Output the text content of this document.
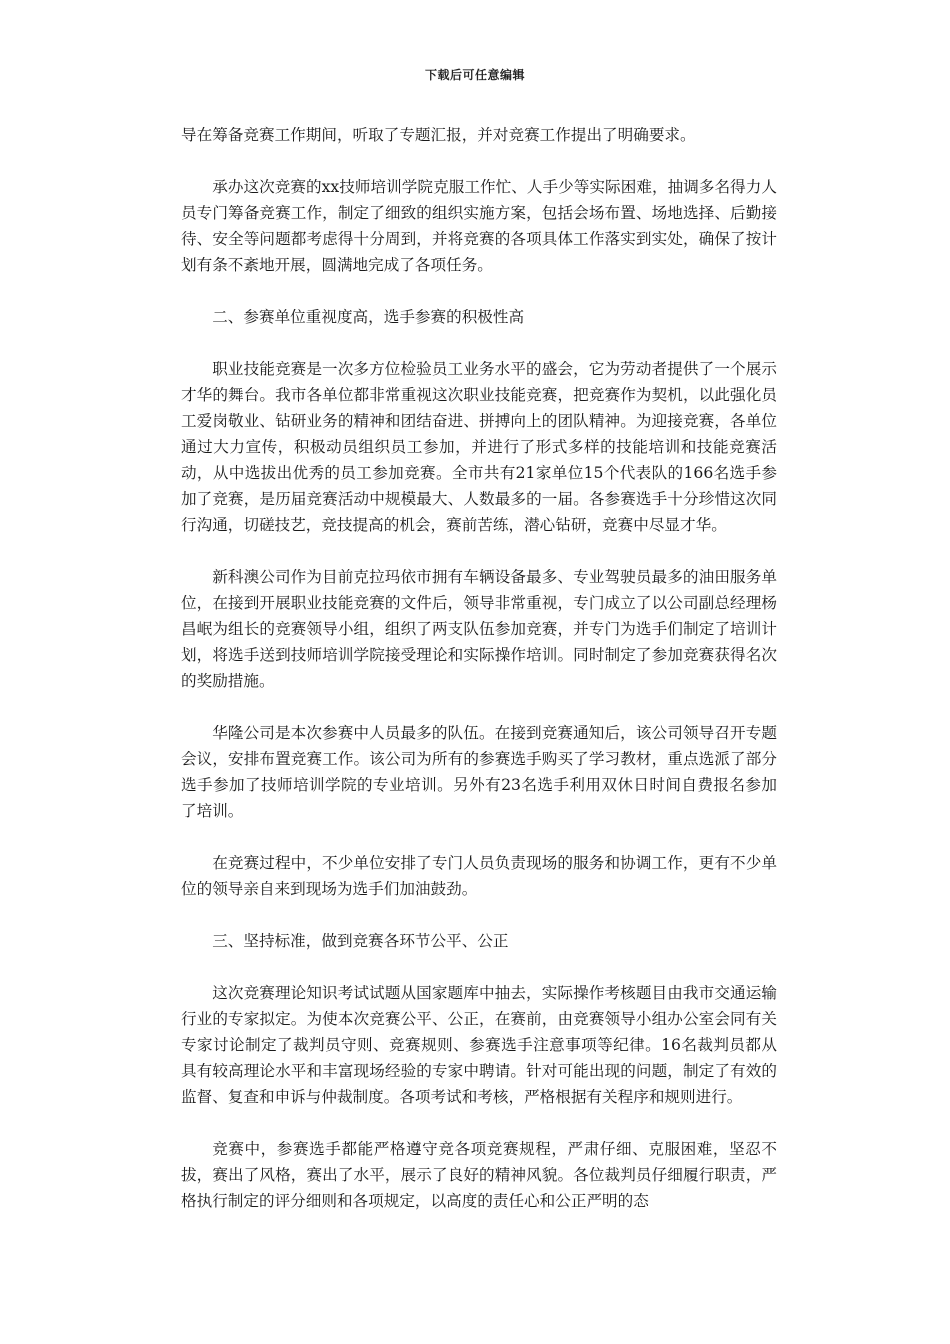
下载后可任意编辑

导在筹备竞赛工作期间，听取了专题汇报，并对竞赛工作提出了明确要求。

承办这次竞赛的xx技师培训学院克服工作忙、人手少等实际困难，抽调多名得力人员专门筹备竞赛工作，制定了细致的组织实施方案，包括会场布置、场地选择、后勤接待、安全等问题都考虑得十分周到，并将竞赛的各项具体工作落实到实处，确保了按计划有条不紊地开展，圆满地完成了各项任务。

二、参赛单位重视度高，选手参赛的积极性高

职业技能竞赛是一次多方位检验员工业务水平的盛会，它为劳动者提供了一个展示才华的舞台。我市各单位都非常重视这次职业技能竞赛，把竞赛作为契机，以此强化员工爱岗敬业、钻研业务的精神和团结奋进、拼搏向上的团队精神。为迎接竞赛，各单位通过大力宣传，积极动员组织员工参加，并进行了形式多样的技能培训和技能竞赛活动，从中选拔出优秀的员工参加竞赛。全市共有21家单位15个代表队的166名选手参加了竞赛，是历届竞赛活动中规模最大、人数最多的一届。各参赛选手十分珍惜这次同行沟通，切磋技艺，竞技提高的机会，赛前苦练，潜心钻研，竞赛中尽显才华。

新科澳公司作为目前克拉玛依市拥有车辆设备最多、专业驾驶员最多的油田服务单位，在接到开展职业技能竞赛的文件后，领导非常重视，专门成立了以公司副总经理杨昌岷为组长的竞赛领导小组，组织了两支队伍参加竞赛，并专门为选手们制定了培训计划，将选手送到技师培训学院接受理论和实际操作培训。同时制定了参加竞赛获得名次的奖励措施。

华隆公司是本次参赛中人员最多的队伍。在接到竞赛通知后，该公司领导召开专题会议，安排布置竞赛工作。该公司为所有的参赛选手购买了学习教材，重点选派了部分选手参加了技师培训学院的专业培训。另外有23名选手利用双休日时间自费报名参加了培训。

在竞赛过程中，不少单位安排了专门人员负责现场的服务和协调工作，更有不少单位的领导亲自来到现场为选手们加油鼓劲。

三、坚持标准，做到竞赛各环节公平、公正

这次竞赛理论知识考试试题从国家题库中抽去，实际操作考核题目由我市交通运输行业的专家拟定。为使本次竞赛公平、公正，在赛前，由竞赛领导小组办公室会同有关专家讨论制定了裁判员守则、竞赛规则、参赛选手注意事项等纪律。16名裁判员都从具有较高理论水平和丰富现场经验的专家中聘请。针对可能出现的问题，制定了有效的监督、复查和申诉与仲裁制度。各项考试和考核，严格根据有关程序和规则进行。

竞赛中，参赛选手都能严格遵守竞各项竞赛规程，严肃仔细、克服困难，坚忍不拔，赛出了风格，赛出了水平，展示了良好的精神风貌。各位裁判员仔细履行职责，严格执行制定的评分细则和各项规定，以高度的责任心和公正严明的态
